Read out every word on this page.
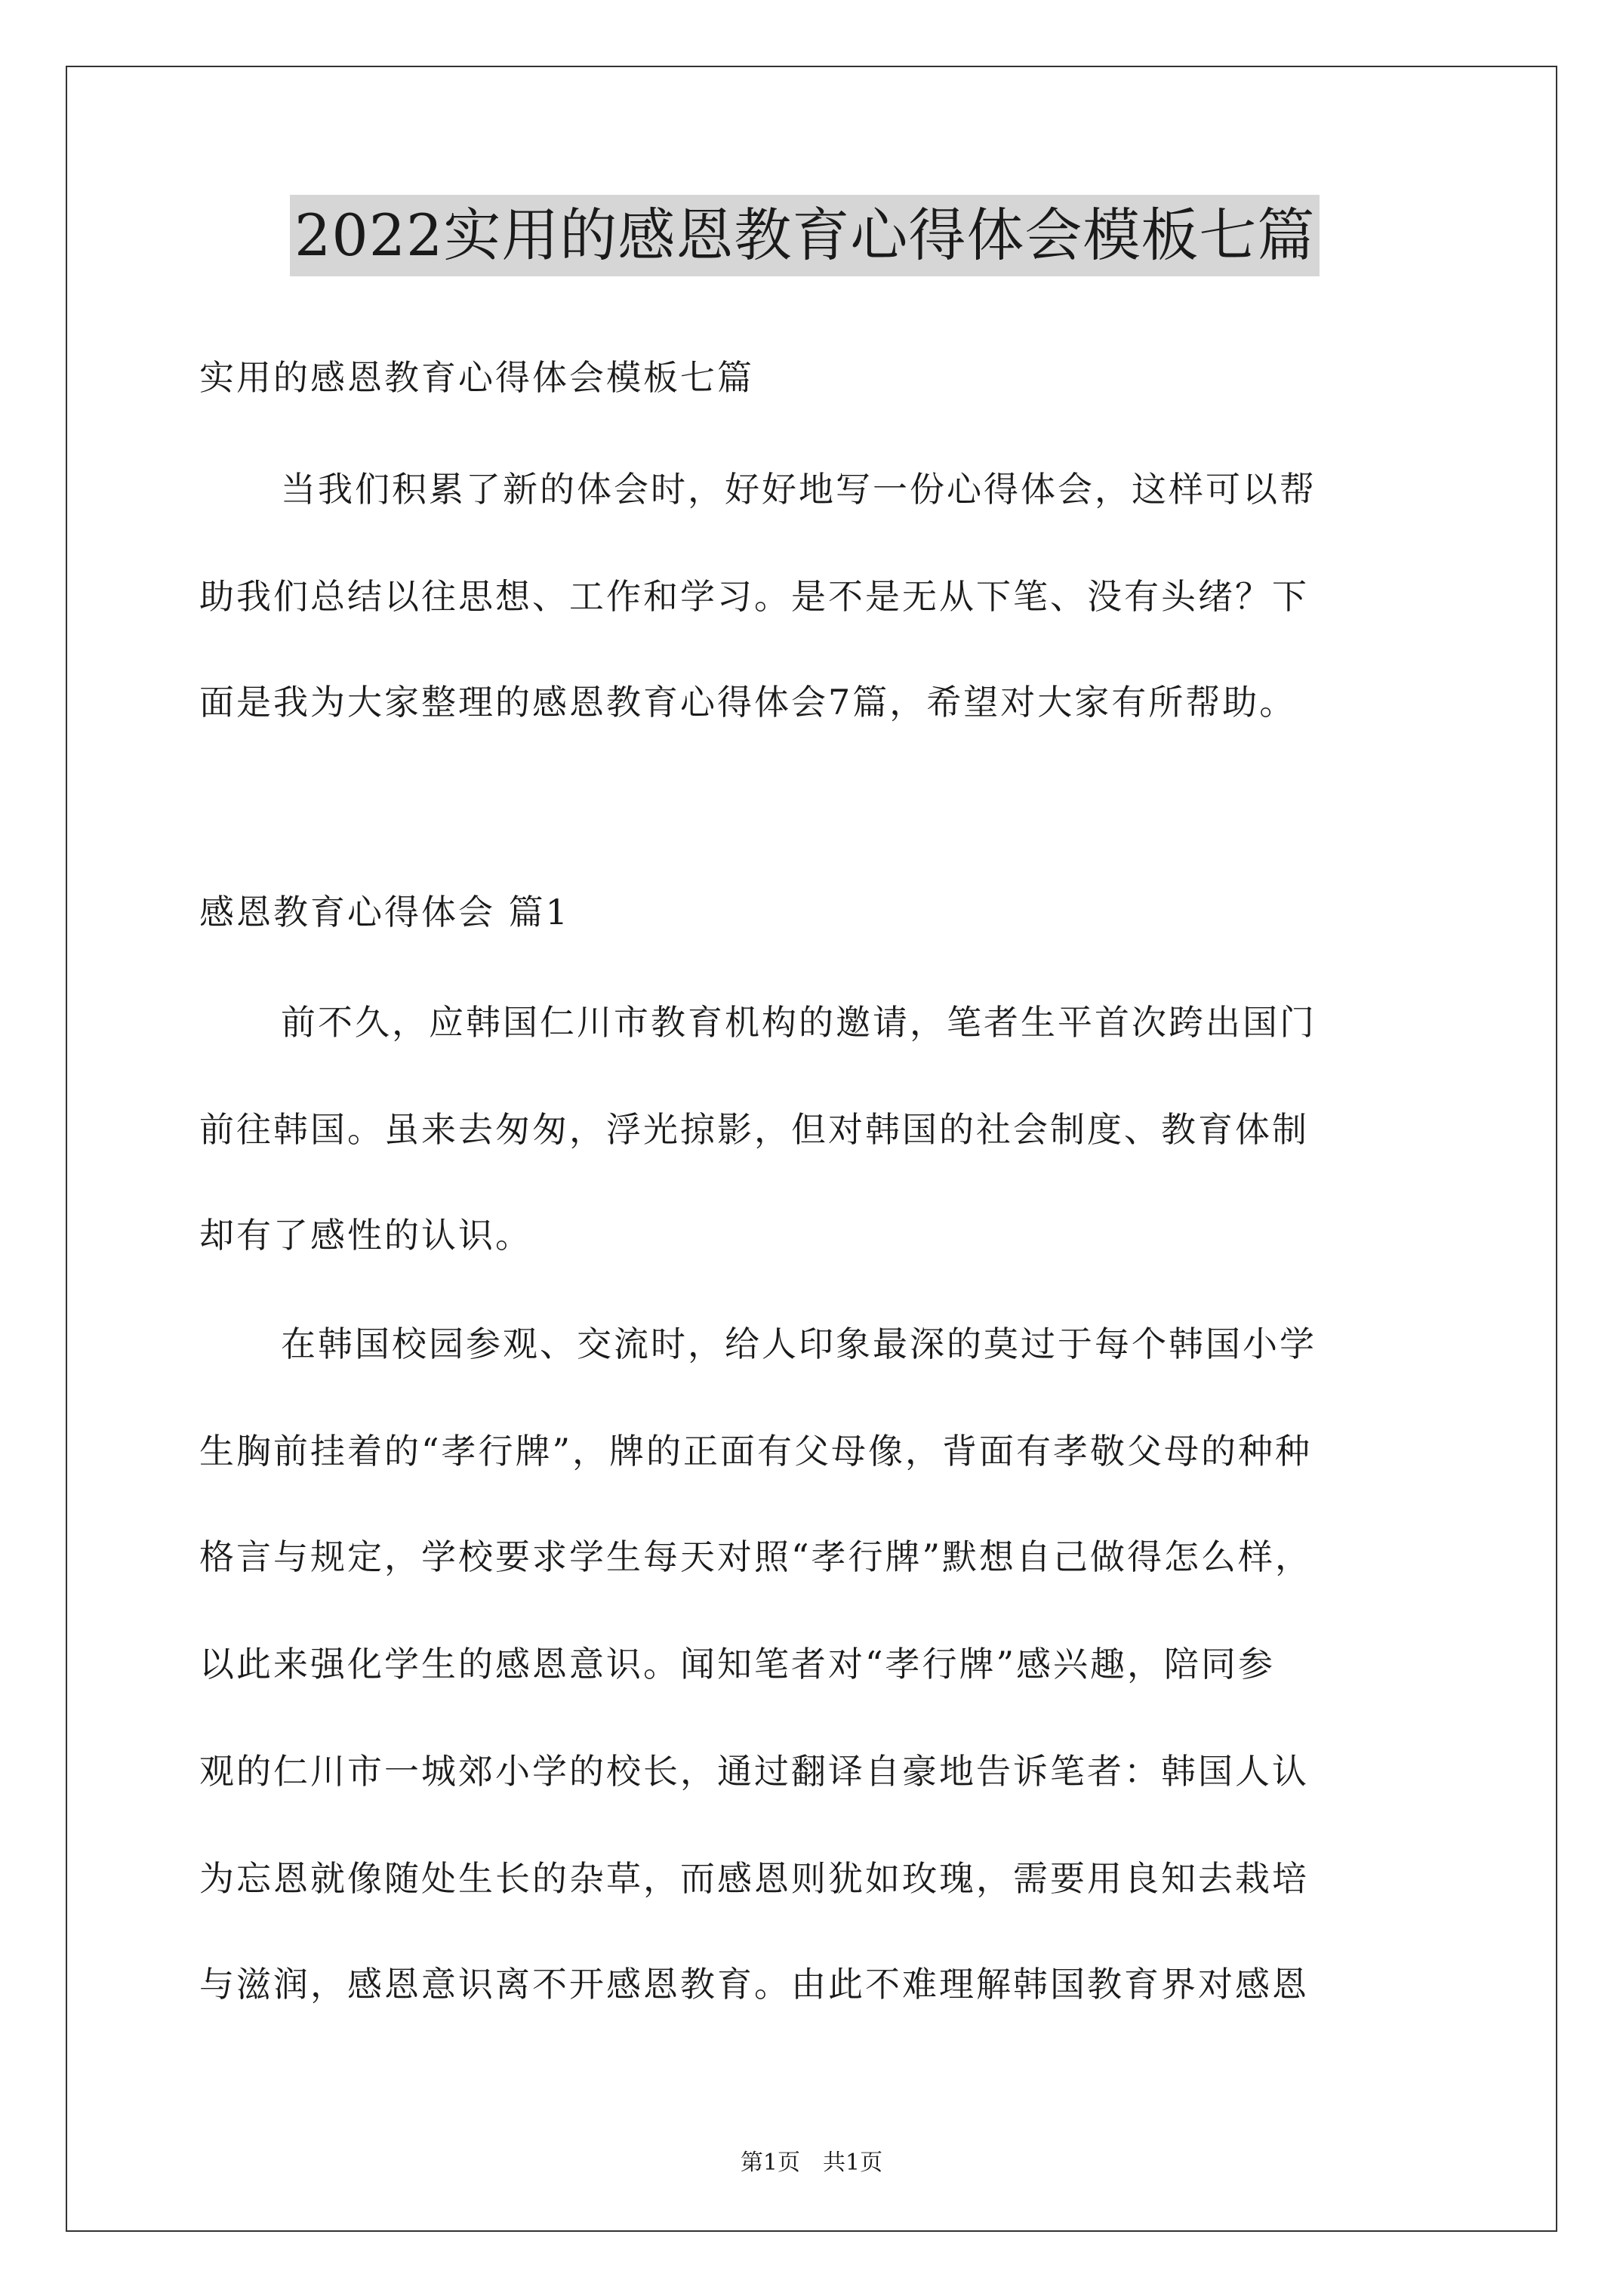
2022实用的感恩教育心得体会模板七篇
实用的感恩教育心得体会模板七篇
当我们积累了新的体会时，好好地写一份心得体会，这样可以帮
助我们总结以往思想、工作和学习。是不是无从下笔、没有头绪？下
面是我为大家整理的感恩教育心得体会7篇，希望对大家有所帮助。
感恩教育心得体会 篇1
前不久，应韩国仁川市教育机构的邀请，笔者生平首次跨出国门
前往韩国。虽来去匆匆，浮光掠影，但对韩国的社会制度、教育体制
却有了感性的认识。
在韩国校园参观、交流时，给人印象最深的莫过于每个韩国小学
生胸前挂着的“孝行牌”，牌的正面有父母像，背面有孝敬父母的种种
格言与规定，学校要求学生每天对照“孝行牌”默想自己做得怎么样，
以此来强化学生的感恩意识。闻知笔者对“孝行牌”感兴趣，陪同参
观的仁川市一城郊小学的校长，通过翻译自豪地告诉笔者：韩国人认
为忘恩就像随处生长的杂草，而感恩则犹如玫瑰，需要用良知去栽培
与滋润，感恩意识离不开感恩教育。由此不难理解韩国教育界对感恩
第1页　共1页
